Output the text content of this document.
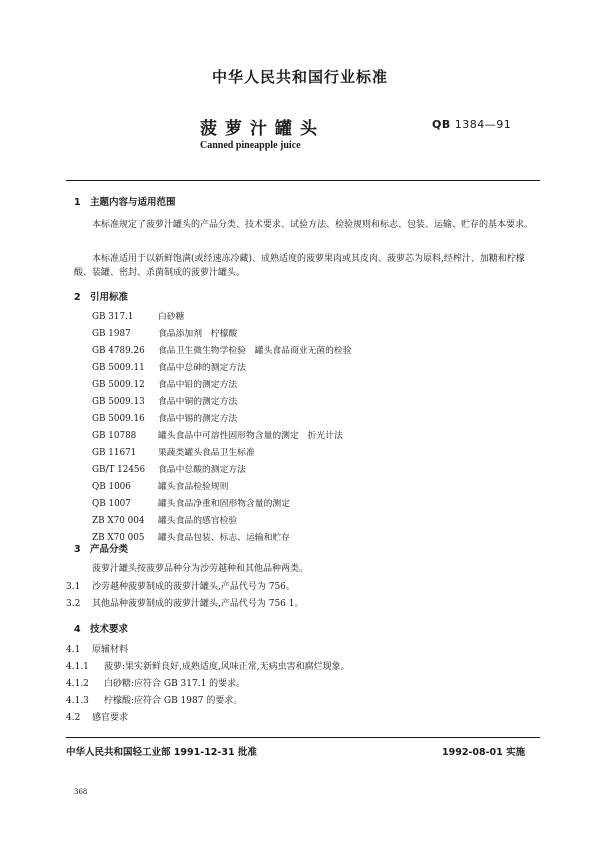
中华人民共和国行业标准
菠萝汁罐头	QB 1384—91
Canned pineapple juice
1 主题内容与适用范围
本标准规定了菠萝汁罐头的产品分类、技术要求、试验方法、检验规则和标志、包装、运输、贮存的基本要求。
本标准适用于以新鲜饱满(或经速冻冷藏)、成熟适度的菠萝果肉或其皮肉、菠萝芯为原料,经榨汁、加糖和柠檬酸、装罐、密封、杀菌制成的菠萝汁罐头。
2 引用标准
GB 317.1	白砂糖
GB 1987	食品添加剂　柠檬酸
GB 4789.26 食品卫生微生物学检验　罐头食品商业无菌的检验
GB 5009.11 食品中总砷的测定方法
GB 5009.12 食品中铅的测定方法
GB 5009.13 食品中铜的测定方法
GB 5009.16 食品中锡的测定方法
GB 10788 罐头食品中可溶性固形物含量的测定　折光计法
GB 11671 果蔬类罐头食品卫生标准
GB/T 12456 食品中总酸的测定方法
QB 1006	罐头食品检验规则
QB 1007	罐头食品净重和固形物含量的测定
ZB X70 004 罐头食品的感官检验
ZB X70 005 罐头食品包装、标志、运输和贮存
3 产品分类
菠萝汁罐头按菠萝品种分为沙劳越种和其他品种两类。
3.1 沙劳越种菠萝制成的菠萝汁罐头,产品代号为 756。
3.2 其他品种菠萝制成的菠萝汁罐头,产品代号为 756 1。
4 技术要求
4.1 原辅材料
4.1.1 菠萝:果实新鲜良好,成熟适度,风味正常,无病虫害和腐烂现象。
4.1.2 白砂糖:应符合 GB 317.1 的要求。
4.1.3 柠檬酸:应符合 GB 1987 的要求。
4.2 感官要求
中华人民共和国轻工业部 1991-12-31 批准	1992-08-01 实施
368
